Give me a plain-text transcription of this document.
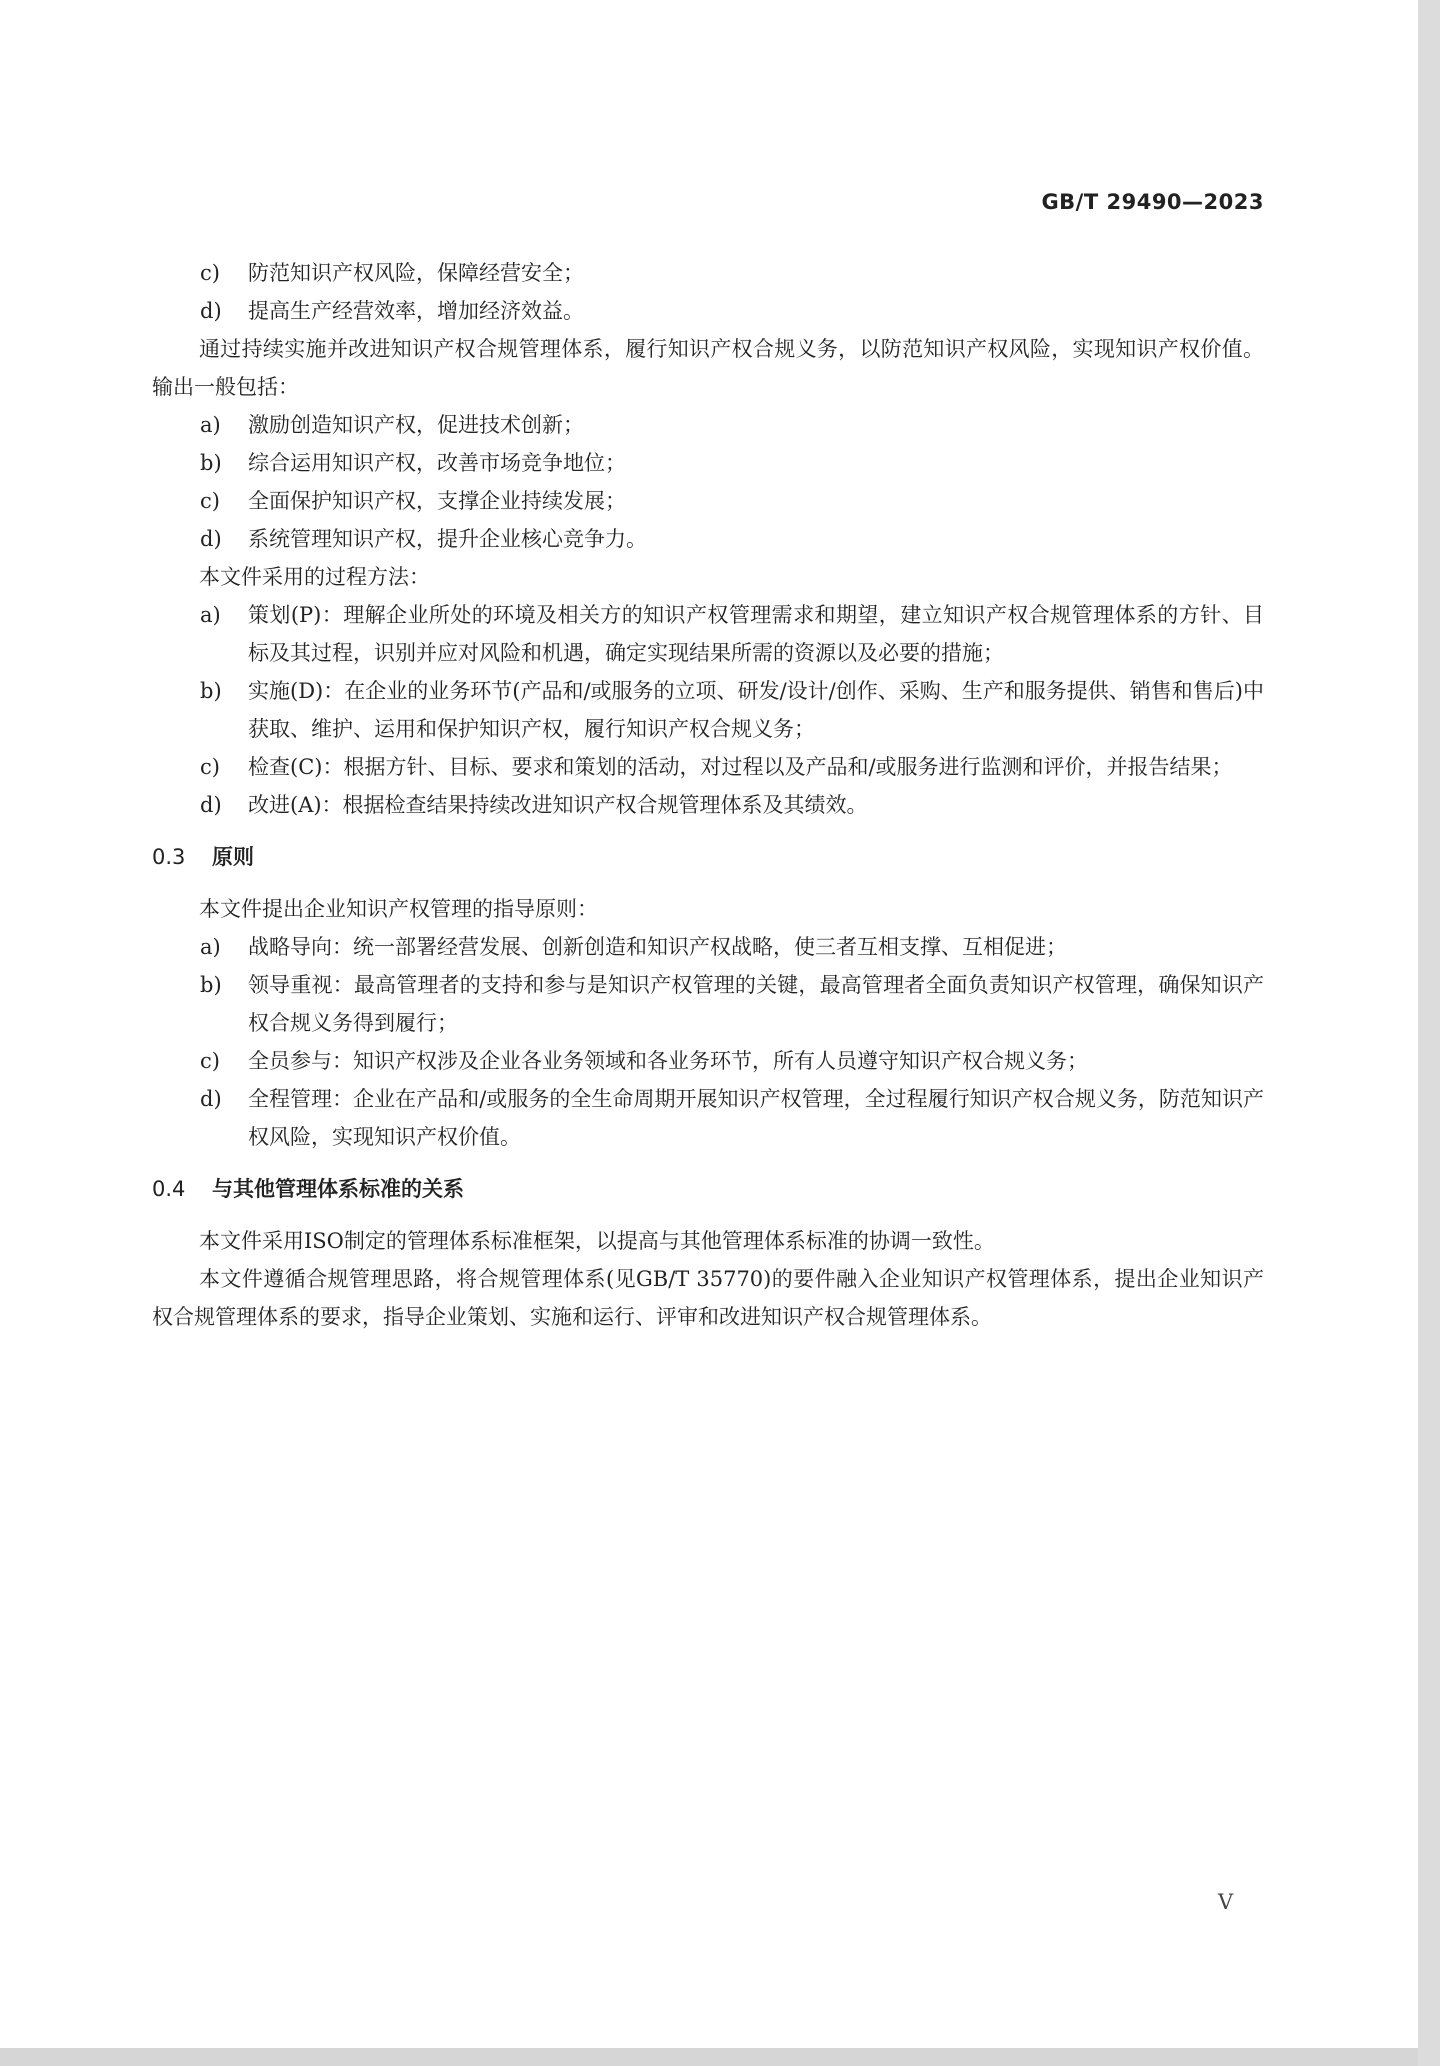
GB/T 29490—2023
c)	防范知识产权风险，保障经营安全；
d)	提高生产经营效率，增加经济效益。
通过持续实施并改进知识产权合规管理体系，履行知识产权合规义务，以防范知识产权风险，实现知识产权价值。输出一般包括：
a)	激励创造知识产权，促进技术创新；
b)	综合运用知识产权，改善市场竞争地位；
c)	全面保护知识产权，支撑企业持续发展；
d)	系统管理知识产权，提升企业核心竞争力。
本文件采用的过程方法：
a)	策划(P)：理解企业所处的环境及相关方的知识产权管理需求和期望，建立知识产权合规管理体系的方针、目标及其过程，识别并应对风险和机遇，确定实现结果所需的资源以及必要的措施；
b)	实施(D)：在企业的业务环节(产品和/或服务的立项、研发/设计/创作、采购、生产和服务提供、销售和售后)中获取、维护、运用和保护知识产权，履行知识产权合规义务；
c)	检查(C)：根据方针、目标、要求和策划的活动，对过程以及产品和/或服务进行监测和评价，并报告结果；
d)	改进(A)：根据检查结果持续改进知识产权合规管理体系及其绩效。
0.3	原则
本文件提出企业知识产权管理的指导原则：
a)	战略导向：统一部署经营发展、创新创造和知识产权战略，使三者互相支撑、互相促进；
b)	领导重视：最高管理者的支持和参与是知识产权管理的关键，最高管理者全面负责知识产权管理，确保知识产权合规义务得到履行；
c)	全员参与：知识产权涉及企业各业务领域和各业务环节，所有人员遵守知识产权合规义务；
d)	全程管理：企业在产品和/或服务的全生命周期开展知识产权管理，全过程履行知识产权合规义务，防范知识产权风险，实现知识产权价值。
0.4	与其他管理体系标准的关系
本文件采用ISO制定的管理体系标准框架，以提高与其他管理体系标准的协调一致性。
本文件遵循合规管理思路，将合规管理体系(见GB/T 35770)的要件融入企业知识产权管理体系，提出企业知识产权合规管理体系的要求，指导企业策划、实施和运行、评审和改进知识产权合规管理体系。
V
